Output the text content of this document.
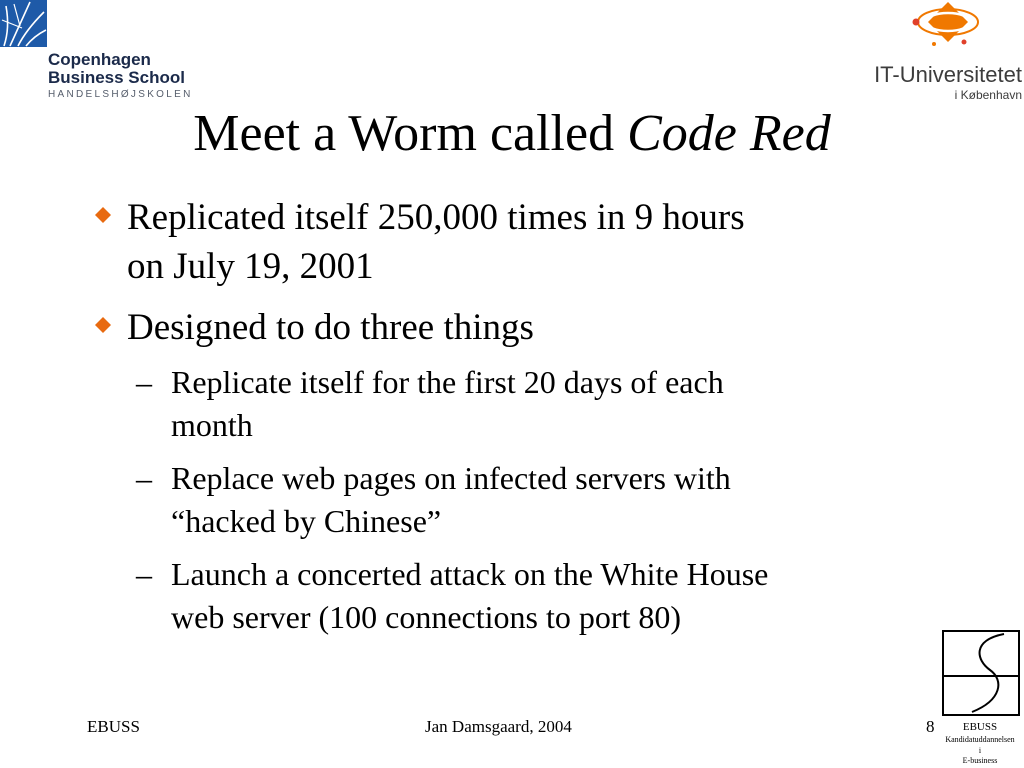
Copenhagen
Business School
HANDELSHØJSKOLEN
IT-Universitetet
i København
Meet a Worm called Code Red
Replicated itself 250,000 times in 9 hours
on July 19, 2001
Designed to do three things
– Replicate itself for the first 20 days of each
month
– Replace web pages on infected servers with
“hacked by Chinese”
– Launch a concerted attack on the White House
web server (100 connections to port 80)
EBUSS	Jan Damsgaard, 2004	8	EBUSS
Kandidatuddannelsen
i
E-business
